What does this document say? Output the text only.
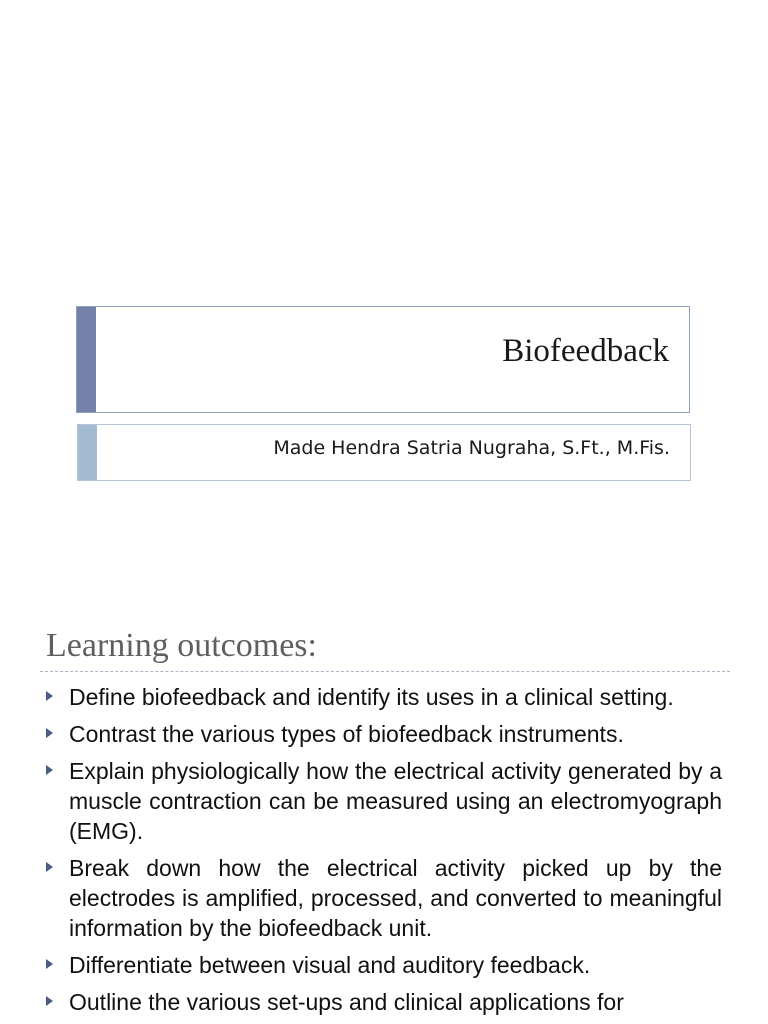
Biofeedback
Made Hendra Satria Nugraha, S.Ft., M.Fis.
Learning outcomes:
Define biofeedback and identify its uses in a clinical setting.
Contrast the various types of biofeedback instruments.
Explain physiologically how the electrical activity generated by a muscle contraction can be measured using an electromyograph (EMG).
Break down how the electrical activity picked up by the electrodes is amplified, processed, and converted to meaningful information by the biofeedback unit.
Differentiate between visual and auditory feedback.
Outline the various set-ups and clinical applications for
